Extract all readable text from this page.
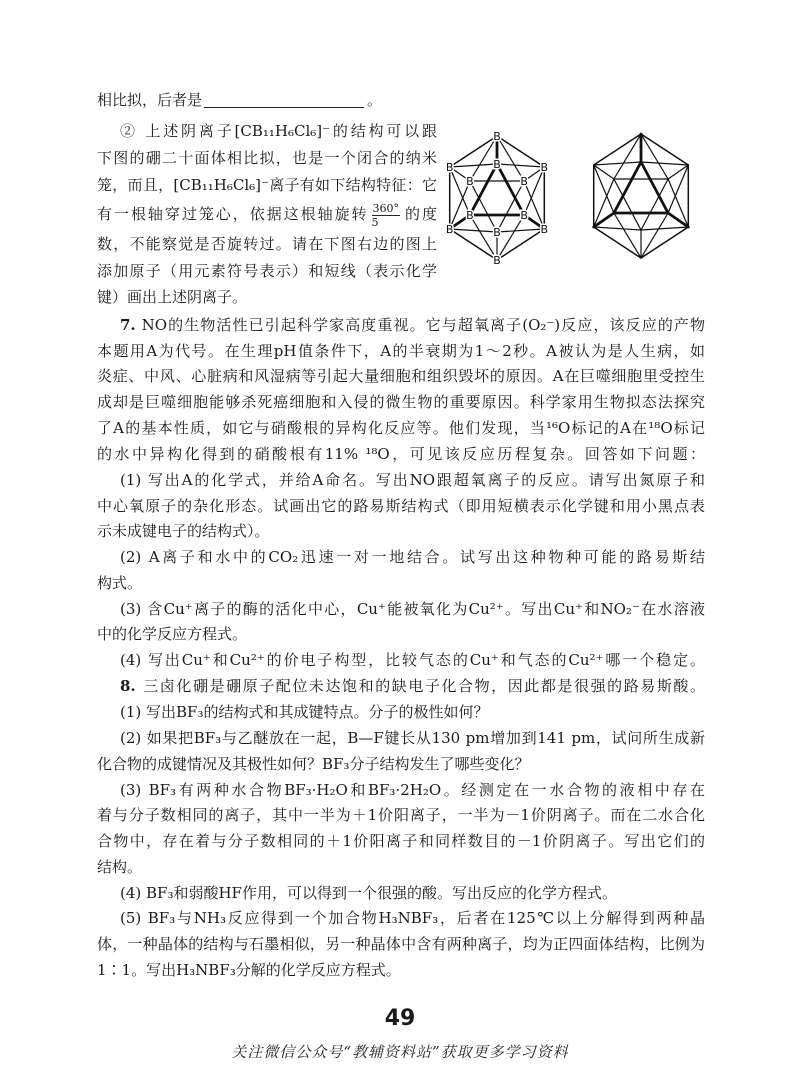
相比拟，后者是	。
② 上述阴离子[CB₁₁H₆Cl₆]⁻的结构可以跟
下图的硼二十面体相比拟，也是一个闭合的纳米
笼，而且，[CB₁₁H₆Cl₆]⁻离子有如下结构特征：它
有一根轴穿过笼心，依据这根轴旋转 $\frac{360^\circ}{5}$ 的度
数，不能察觉是否旋转过。请在下图右边的图上
添加原子（用元素符号表示）和短线（表示化学
键）画出上述阴离子。
B
B
B
B
B
B	B
B
B
B
B
B
7. NO的生物活性已引起科学家高度重视。它与超氧离子(O₂⁻)反应，该反应的产物
本题用A为代号。在生理pH值条件下，A的半衰期为1～2秒。A被认为是人生病，如
炎症、中风、心脏病和风湿病等引起大量细胞和组织毁坏的原因。A在巨噬细胞里受控生
成却是巨噬细胞能够杀死癌细胞和入侵的微生物的重要原因。科学家用生物拟态法探究
了A的基本性质，如它与硝酸根的异构化反应等。他们发现，当¹⁶O标记的A在¹⁸O标记
的水中异构化得到的硝酸根有11% ¹⁸O，可见该反应历程复杂。回答如下问题：
(1) 写出A的化学式，并给A命名。写出NO跟超氧离子的反应。请写出氮原子和
中心氧原子的杂化形态。试画出它的路易斯结构式（即用短横表示化学键和用小黑点表
示未成键电子的结构式）。
(2) A离子和水中的CO₂迅速一对一地结合。试写出这种物种可能的路易斯结
构式。
(3) 含Cu⁺离子的酶的活化中心，Cu⁺能被氧化为Cu²⁺。写出Cu⁺和NO₂⁻在水溶液
中的化学反应方程式。
(4) 写出Cu⁺和Cu²⁺的价电子构型，比较气态的Cu⁺和气态的Cu²⁺哪一个稳定。
8. 三卤化硼是硼原子配位未达饱和的缺电子化合物，因此都是很强的路易斯酸。
(1) 写出BF₃的结构式和其成键特点。分子的极性如何？
(2) 如果把BF₃与乙醚放在一起，B—F键长从130 pm增加到141 pm，试问所生成新
化合物的成键情况及其极性如何？BF₃分子结构发生了哪些变化？
(3) BF₃有两种水合物BF₃·H₂O和BF₃·2H₂O。经测定在一水合物的液相中存在
着与分子数相同的离子，其中一半为＋1价阳离子，一半为－1价阴离子。而在二水合化
合物中，存在着与分子数相同的＋1价阳离子和同样数目的－1价阴离子。写出它们的
结构。
(4) BF₃和弱酸HF作用，可以得到一个很强的酸。写出反应的化学方程式。
(5) BF₃与NH₃反应得到一个加合物H₃NBF₃，后者在125℃以上分解得到两种晶
体，一种晶体的结构与石墨相似，另一种晶体中含有两种离子，均为正四面体结构，比例为
1∶1。写出H₃NBF₃分解的化学反应方程式。
49
关注微信公众号“教辅资料站”获取更多学习资料
